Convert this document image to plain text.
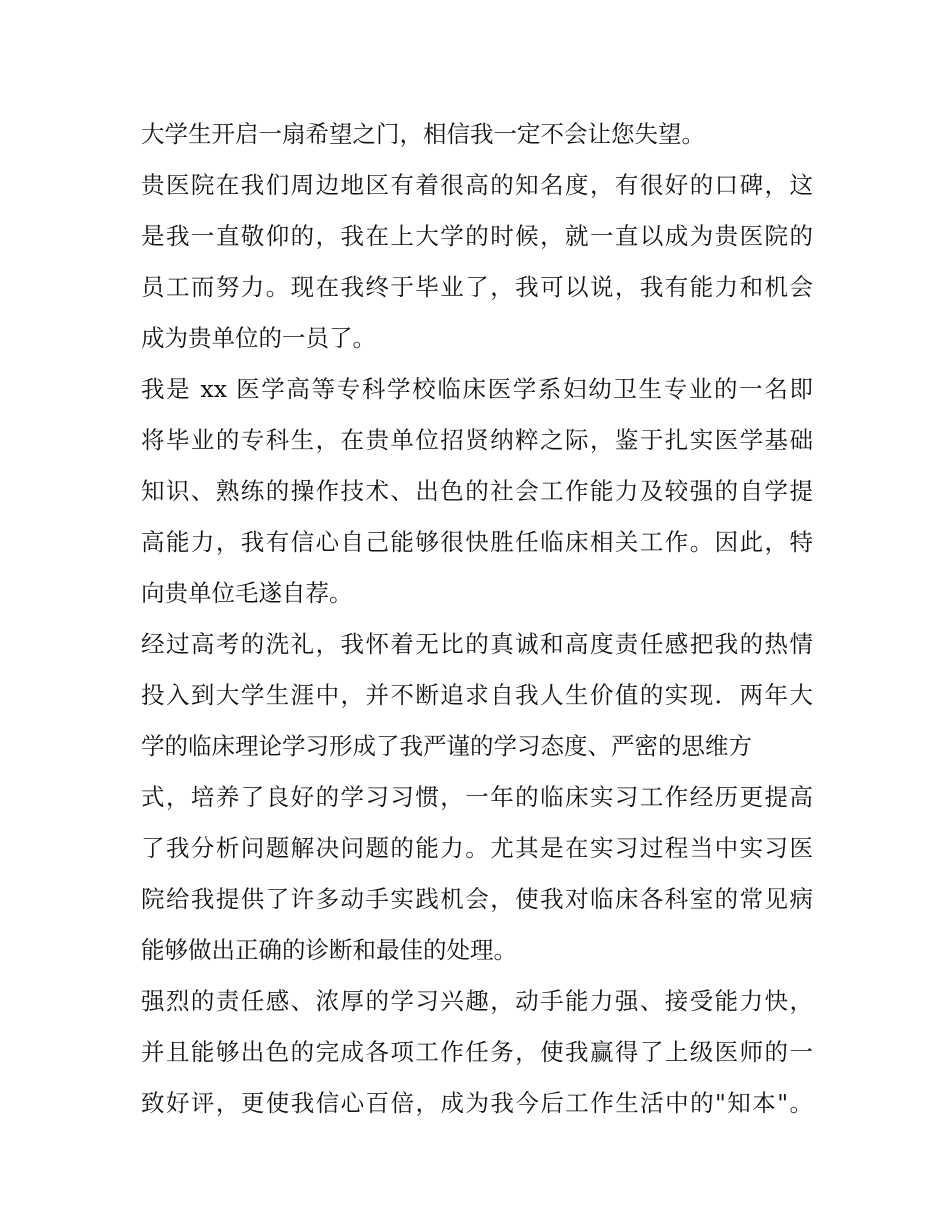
大学生开启一扇希望之门，相信我一定不会让您失望。
贵医院在我们周边地区有着很高的知名度，有很好的口碑，这
是我一直敬仰的，我在上大学的时候，就一直以成为贵医院的
员工而努力。现在我终于毕业了，我可以说，我有能力和机会
成为贵单位的一员了。
我是 xx 医学高等专科学校临床医学系妇幼卫生专业的一名即
将毕业的专科生，在贵单位招贤纳粹之际，鉴于扎实医学基础
知识、熟练的操作技术、出色的社会工作能力及较强的自学提
高能力，我有信心自己能够很快胜任临床相关工作。因此，特
向贵单位毛遂自荐。
经过高考的洗礼，我怀着无比的真诚和高度责任感把我的热情
投入到大学生涯中，并不断追求自我人生价值的实现．两年大
学的临床理论学习形成了我严谨的学习态度、严密的思维方
式，培养了良好的学习习惯，一年的临床实习工作经历更提高
了我分析问题解决问题的能力。尤其是在实习过程当中实习医
院给我提供了许多动手实践机会，使我对临床各科室的常见病
能够做出正确的诊断和最佳的处理。
强烈的责任感、浓厚的学习兴趣，动手能力强、接受能力快，
并且能够出色的完成各项工作任务，使我赢得了上级医师的一
致好评，更使我信心百倍，成为我今后工作生活中的"知本"。
